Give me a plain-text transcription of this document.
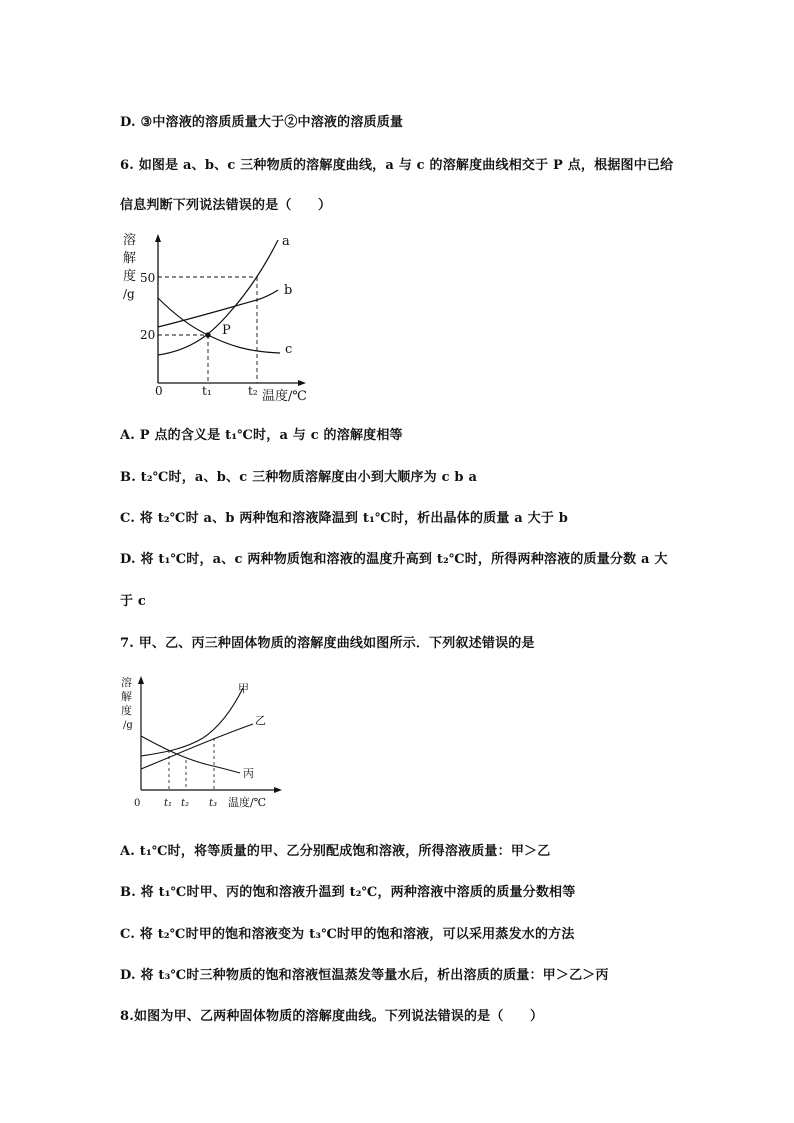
D. ③中溶液的溶质质量大于②中溶液的溶质质量
6. 如图是 a、b、c 三种物质的溶解度曲线，a 与 c 的溶解度曲线相交于 P 点，根据图中已给
信息判断下列说法错误的是（　　）
溶
解
度
/g
50
20
0	t₁	t₂ 温度/℃
P
a
b
c
A. P 点的含义是 t₁℃时，a 与 c 的溶解度相等
B. t₂℃时，a、b、c 三种物质溶解度由小到大顺序为 c b a
C. 将 t₂℃时 a、b 两种饱和溶液降温到 t₁℃时，析出晶体的质量 a 大于 b
D. 将 t₁℃时，a、c 两种物质饱和溶液的温度升高到 t₂℃时，所得两种溶液的质量分数 a 大
于 c
7. 甲、乙、丙三种固体物质的溶解度曲线如图所示．下列叙述错误的是
溶
解
度
/g
甲
乙
丙
0 t₁ t₂ t₃ 温度/℃
A. t₁℃时，将等质量的甲、乙分别配成饱和溶液，所得溶液质量：甲＞乙
B. 将 t₁℃时甲、丙的饱和溶液升温到 t₂℃，两种溶液中溶质的质量分数相等
C. 将 t₂℃时甲的饱和溶液变为 t₃℃时甲的饱和溶液，可以采用蒸发水的方法
D. 将 t₃℃时三种物质的饱和溶液恒温蒸发等量水后，析出溶质的质量：甲＞乙＞丙
8.如图为甲、乙两种固体物质的溶解度曲线。下列说法错误的是（　　）
